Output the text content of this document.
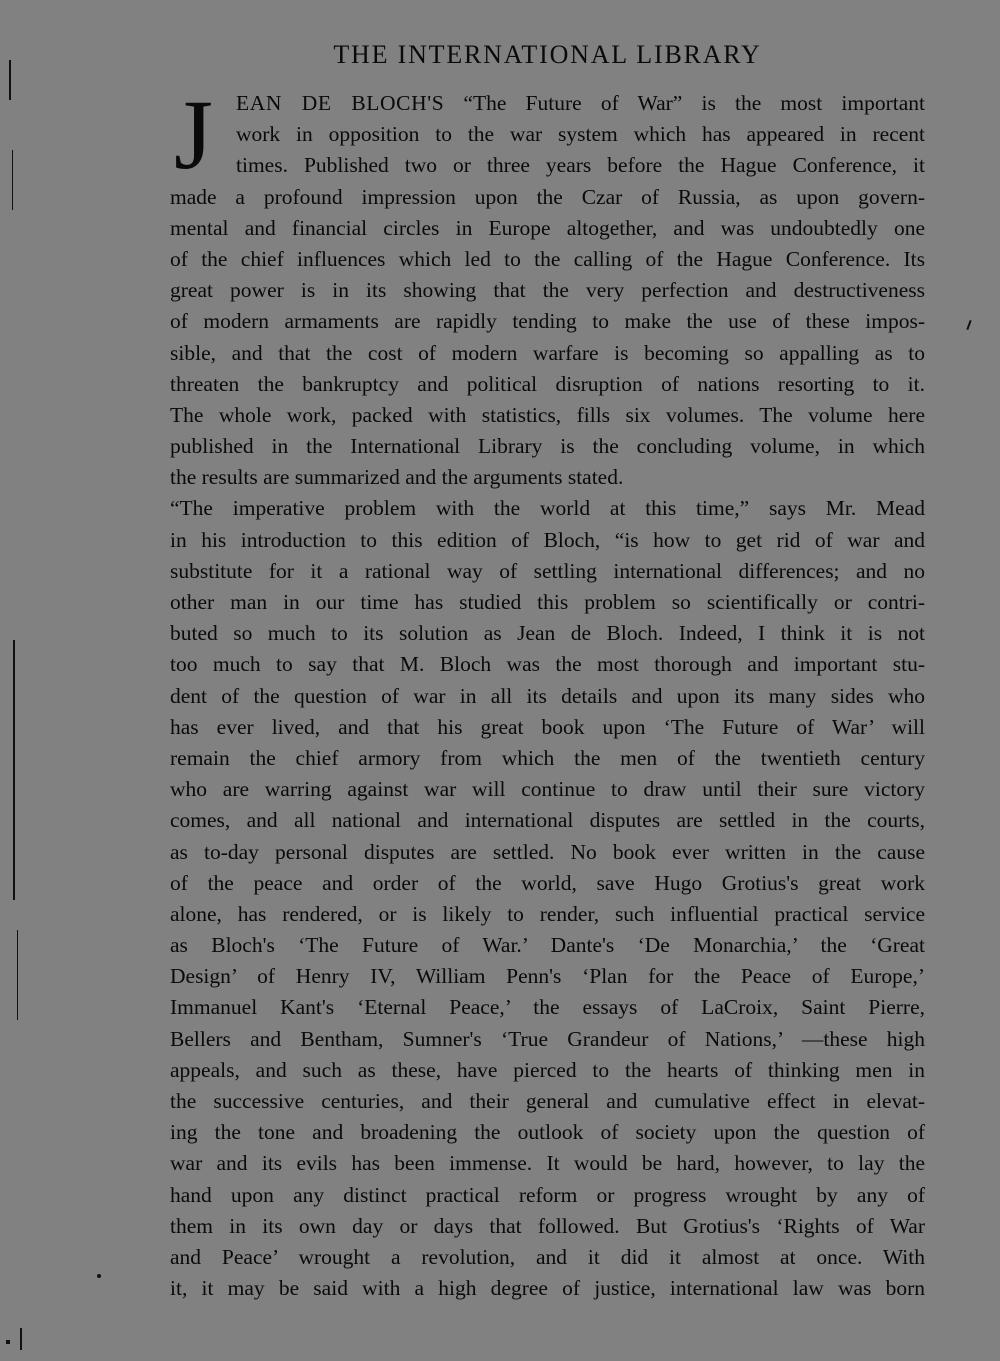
THE INTERNATIONAL LIBRARY
J	EAN DE BLOCH'S “The Future of War” is the most important
work in opposition to the war system which has appeared in recent
times. Published two or three years before the Hague Conference, it
made a profound impression upon the Czar of Russia, as upon govern-
mental and financial circles in Europe altogether, and was undoubtedly one
of the chief influences which led to the calling of the Hague Conference. Its
great power is in its showing that the very perfection and destructiveness
of modern armaments are rapidly tending to make the use of these impos-
sible, and that the cost of modern warfare is becoming so appalling as to
threaten the bankruptcy and political disruption of nations resorting to it.
The whole work, packed with statistics, fills six volumes. The volume here
published in the International Library is the concluding volume, in which
the results are summarized and the arguments stated.
“The imperative problem with the world at this time,” says Mr. Mead
in his introduction to this edition of Bloch, “is how to get rid of war and
substitute for it a rational way of settling international differences; and no
other man in our time has studied this problem so scientifically or contri-
buted so much to its solution as Jean de Bloch. Indeed, I think it is not
too much to say that M. Bloch was the most thorough and important stu-
dent of the question of war in all its details and upon its many sides who
has ever lived, and that his great book upon ‘The Future of War’ will
remain the chief armory from which the men of the twentieth century
who are warring against war will continue to draw until their sure victory
comes, and all national and international disputes are settled in the courts,
as to-day personal disputes are settled. No book ever written in the cause
of the peace and order of the world, save Hugo Grotius's great work
alone, has rendered, or is likely to render, such influential practical service
as Bloch's ‘The Future of War.’ Dante's ‘De Monarchia,’ the ‘Great
Design’ of Henry IV, William Penn's ‘Plan for the Peace of Europe,’
Immanuel Kant's ‘Eternal Peace,’ the essays of LaCroix, Saint Pierre,
Bellers and Bentham, Sumner's ‘True Grandeur of Nations,’ —these high
appeals, and such as these, have pierced to the hearts of thinking men in
the successive centuries, and their general and cumulative effect in elevat-
ing the tone and broadening the outlook of society upon the question of
war and its evils has been immense. It would be hard, however, to lay the
hand upon any distinct practical reform or progress wrought by any of
them in its own day or days that followed. But Grotius's ‘Rights of War
and Peace’ wrought a revolution, and it did it almost at once. With
it, it may be said with a high degree of justice, international law was born
